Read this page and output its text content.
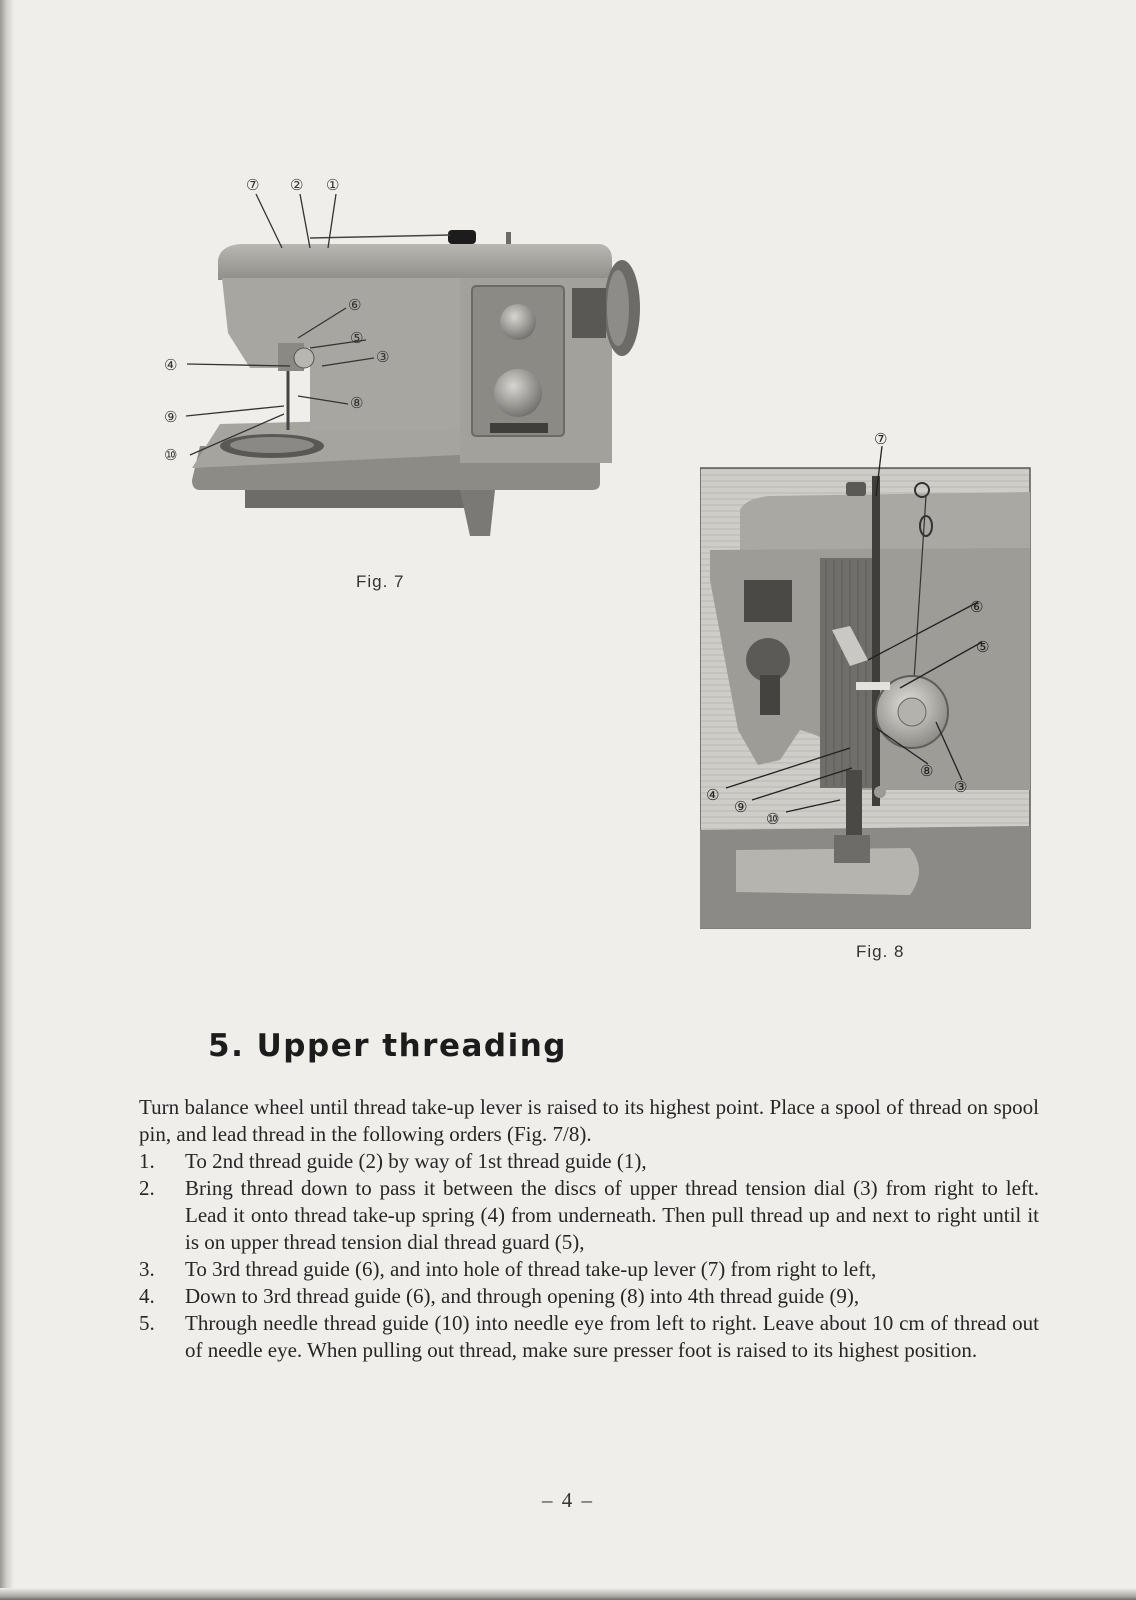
⑦ ② ①
⑥
⑤
④	③
⑨
⑧
⑩
Fig. 7
⑦
⑥
⑤
⑧
③
④
⑨
⑩
Fig. 8
5. Upper threading

Turn balance wheel until thread take-up lever is raised to its highest point. Place a spool of thread on spool pin, and lead thread in the following orders (Fig. 7/8).

1.	To 2nd thread guide (2) by way of 1st thread guide (1),
2.	Bring thread down to pass it between the discs of upper thread tension dial (3) from right to left. Lead it onto thread take-up spring (4) from underneath. Then pull thread up and next to right until it is on upper thread tension dial thread guard (5),
3.	To 3rd thread guide (6), and into hole of thread take-up lever (7) from right to left,
4.	Down to 3rd thread guide (6), and through opening (8) into 4th thread guide (9),
5.	Through needle thread guide (10) into needle eye from left to right. Leave about 10 cm of thread out of needle eye. When pulling out thread, make sure presser foot is raised to its highest position.
– 4 –
